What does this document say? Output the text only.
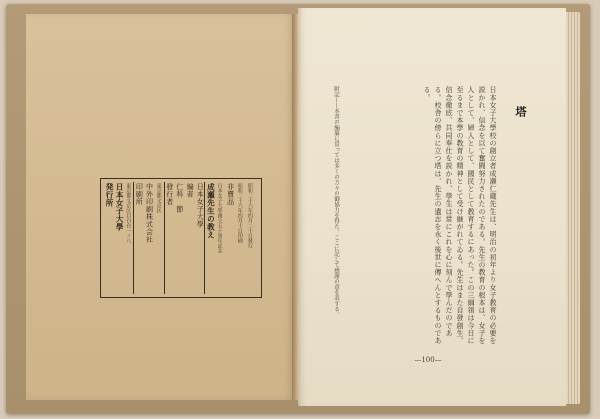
発行所 日本女子大學 東京都文京区目白台一ノ八 印刷所 中外印刷株式会社 東京都文京区 發行者 仁科　節 編者 日本女子大學 成瀬先生の教え 日本女子大學創立五十周年記念 非賣品 昭和二十六年四月十日印刷 昭和二十六年四月二十日發行
塔
日本女子大學校の創立者成瀬仁蔵先生は、明治の初年より女子教育の必要を説かれ、信念を以て奮闘努力されたのである。先生の教育の根本は、女子を人として、婦人として、國民として教育するにあった。この三綱領は今日に至るまで本學の教育の精神として受け継がれてゐる。先生はまた自發創生、信念徹底、共同奉仕を説かれ、學生は常にこれを心に刻んで學んだのである。校舎の傍らに立つ塔は、先生の遺志を永く後世に傳へんとするものである。
附記——本書の編纂に當っては多くの方々の御協力を得た。ここに記して感謝の意を表する。
—100—
